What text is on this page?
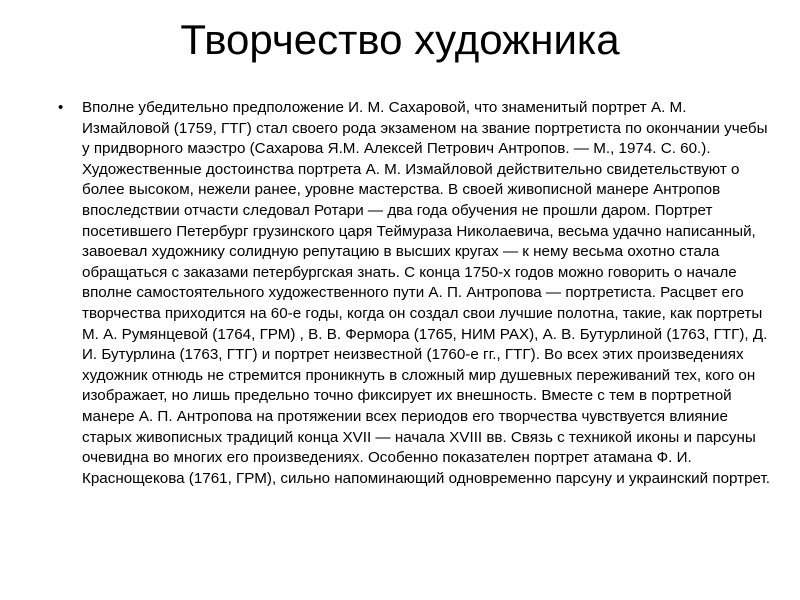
Творчество художника
• Вполне убедительно предположение И. М. Сахаровой, что знаменитый портрет А. М. Измайловой (1759, ГТГ) стал своего рода экзаменом на звание портретиста по окончании учебы у придворного маэстро (Сахарова Я.М. Алексей Петрович Антропов. — М., 1974. С. 60.). Художественные достоинства портрета А. М. Измайловой действительно свидетельствуют о более высоком, нежели ранее, уровне мастерства. В своей живописной манере Антропов впоследствии отчасти следовал Ротари — два года обучения не прошли даром. Портрет посетившего Петербург грузинского царя Теймураза Николаевича, весьма удачно написанный, завоевал художнику солидную репутацию в высших кругах — к нему весьма охотно стала обращаться с заказами петербургская знать. С конца 1750-х годов можно говорить о начале вполне самостоятельного художественного пути А. П. Антропова — портретиста. Расцвет его творчества приходится на 60-е годы, когда он создал свои лучшие полотна, такие, как портреты М. А. Румянцевой (1764, ГРМ) , В. В. Фермора (1765, НИМ РАХ), А. В. Бутурлиной (1763, ГТГ), Д. И. Бутурлина (1763, ГТГ) и портрет неизвестной (1760-е гг., ГТГ). Во всех этих произведениях художник отнюдь не стремится проникнуть в сложный мир душевных переживаний тех, кого он изображает, но лишь предельно точно фиксирует их внешность. Вместе с тем в портретной манере А. П. Антропова на протяжении всех периодов его творчества чувствуется влияние старых живописных традиций конца XVII — начала XVIII вв. Связь с техникой иконы и парсуны очевидна во многих его произведениях. Особенно показателен портрет атамана Ф. И. Краснощекова (1761, ГРМ), сильно напоминающий одновременно парсуну и украинский портрет.
